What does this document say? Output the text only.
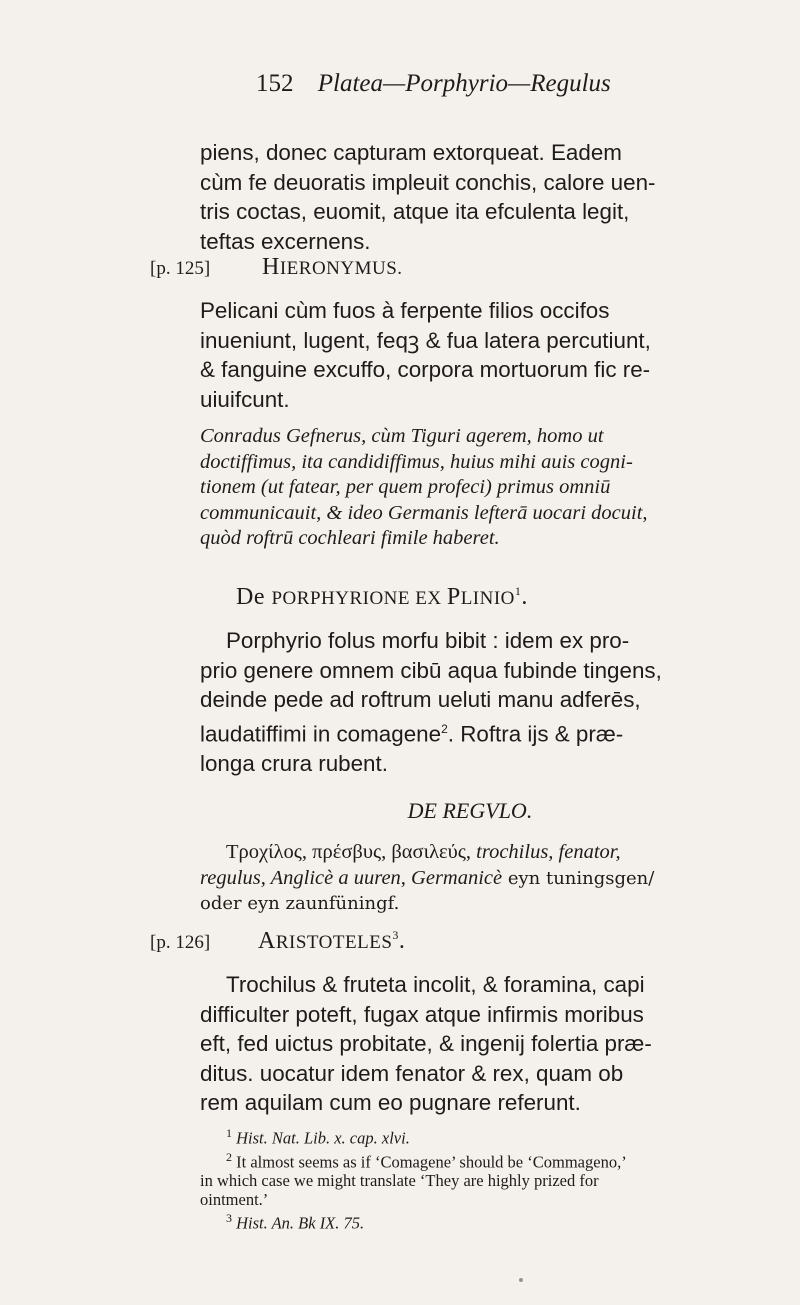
152 Platea—Porphyrio—Regulus
piens, donec capturam extorqueat. Eadem
cùm fe deuoratis impleuit conchis, calore uen-
tris coctas, euomit, atque ita efculenta legit,
teftas excernens.
[p. 125] HIERONYMUS.
Pelicani cùm fuos à ferpente filios occifos
inueniunt, lugent, feqꝫ & fua latera percutiunt,
& fanguine excuffo, corpora mortuorum fic re-
uiuifcunt.
Conradus Gefnerus, cùm Tiguri agerem, homo ut
doctiffimus, ita candidiffimus, huius mihi auis cogni-
tionem (ut fatear, per quem profeci) primus omniū
communicauit, & ideo Germanis lefterā uocari docuit,
quòd roftrū cochleari fimile haberet.
De PORPHYRIONE EX PLINIO$^1$.
Porphyrio folus morfu bibit : idem ex pro-
prio genere omnem cibū aqua fubinde tingens,
deinde pede ad roftrum ueluti manu adferēs,
laudatiffimi in comagene$^2$. Roftra ijs & præ-
longa crura rubent.
DE REGVLO.
Τροχίλος, πρέσβυς, βασιλεύς, trochilus, fenator,
regulus, Anglicè a uuren, Germanicè eyn tuningsgen/
oder eyn zaunfüningf.
[p. 126] ARISTOTELES$^3$.
Trochilus & fruteta incolit, & foramina, capi
difficulter poteft, fugax atque infirmis moribus
eft, fed uictus probitate, & ingenij folertia præ-
ditus. uocatur idem fenator & rex, quam ob
rem aquilam cum eo pugnare referunt.
$^1$ Hist. Nat. Lib. x. cap. xlvi.
$^2$ It almost seems as if ‘Comagene’ should be ‘Commageno,’
in which case we might translate ‘They are highly prized for
ointment.’
$^3$ Hist. An. Bk IX. 75.
